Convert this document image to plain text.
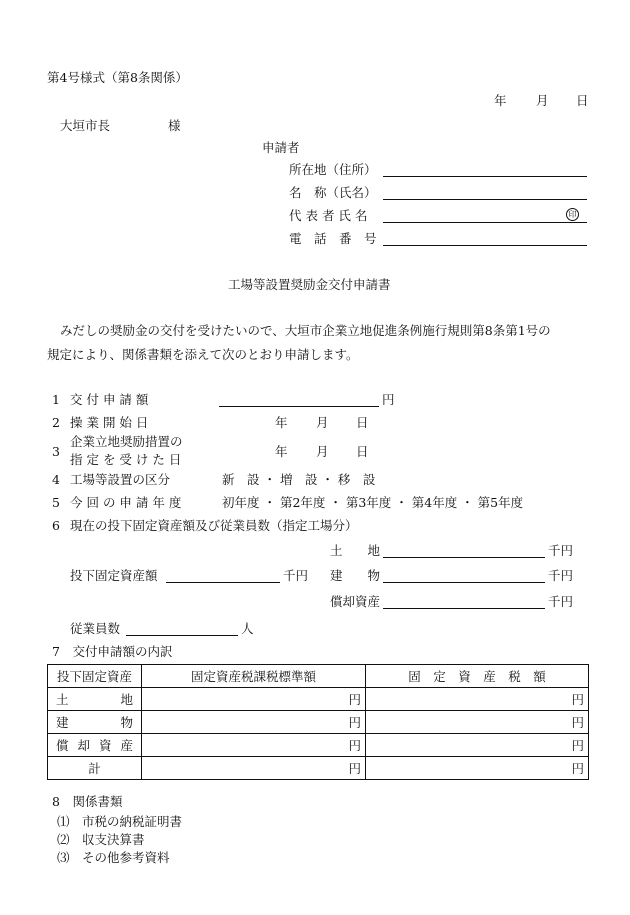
第4号様式（第8条関係）
年 月 日
大垣市長	様
申請者
所在地（住所）
名　称（氏名）
代 表 者 氏 名	印
電　話　番　号
工場等設置奨励金交付申請書
みだしの奨励金の交付を受けたいので、大垣市企業立地促進条例施行規則第8条第1号の
規定により、関係書類を添えて次のとおり申請します。
1 交 付 申 請 額	円
2 操 業 開 始 日	年 月 日
3
企業立地奨励措置の
指 定 を 受 け た 日
年 月 日
4 工場等設置の区分	新　設 ・ 増　設 ・ 移　設
5 今 回 の 申 請 年 度	初年度 ・ 第2年度 ・ 第3年度 ・ 第4年度 ・ 第5年度
6 現在の投下固定資産額及び従業員数（指定工場分）
土　　地	千円
投下固定資産額	千円 建　　物	千円
償却資産	千円
従業員数	人
7　交付申請額の内訳
投下固定資産	固定資産税課税標準額	固　定　資　産　税　額

土 地	円	円

建 物	円	円

償 却 資 産	円	円
計	円	円
8　関係書類
⑴　市税の納税証明書
⑵　収支決算書
⑶　その他参考資料
